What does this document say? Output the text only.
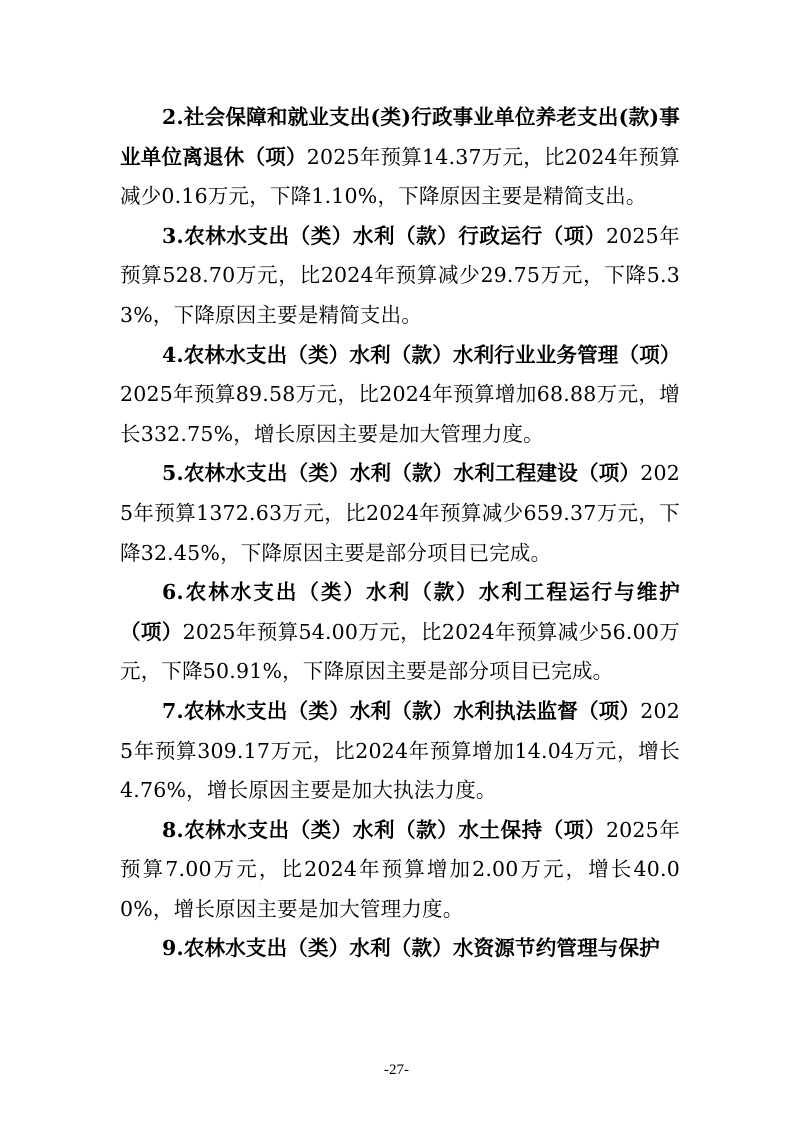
2.社会保障和就业支出(类)行政事业单位养老支出(款)事业单位离退休（项）2025年预算14.37万元，比2024年预算减少0.16万元，下降1.10%，下降原因主要是精简支出。

3.农林水支出（类）水利（款）行政运行（项）2025年预算528.70万元，比2024年预算减少29.75万元，下降5.33%，下降原因主要是精简支出。

4.农林水支出（类）水利（款）水利行业业务管理（项）2025年预算89.58万元，比2024年预算增加68.88万元，增长332.75%，增长原因主要是加大管理力度。

5.农林水支出（类）水利（款）水利工程建设（项）2025年预算1372.63万元，比2024年预算减少659.37万元，下降32.45%，下降原因主要是部分项目已完成。

6.农林水支出（类）水利（款）水利工程运行与维护（项）2025年预算54.00万元，比2024年预算减少56.00万元，下降50.91%，下降原因主要是部分项目已完成。

7.农林水支出（类）水利（款）水利执法监督（项）2025年预算309.17万元，比2024年预算增加14.04万元，增长4.76%，增长原因主要是加大执法力度。

8.农林水支出（类）水利（款）水土保持（项）2025年预算7.00万元，比2024年预算增加2.00万元，增长40.00%，增长原因主要是加大管理力度。

9.农林水支出（类）水利（款）水资源节约管理与保护

-27-
